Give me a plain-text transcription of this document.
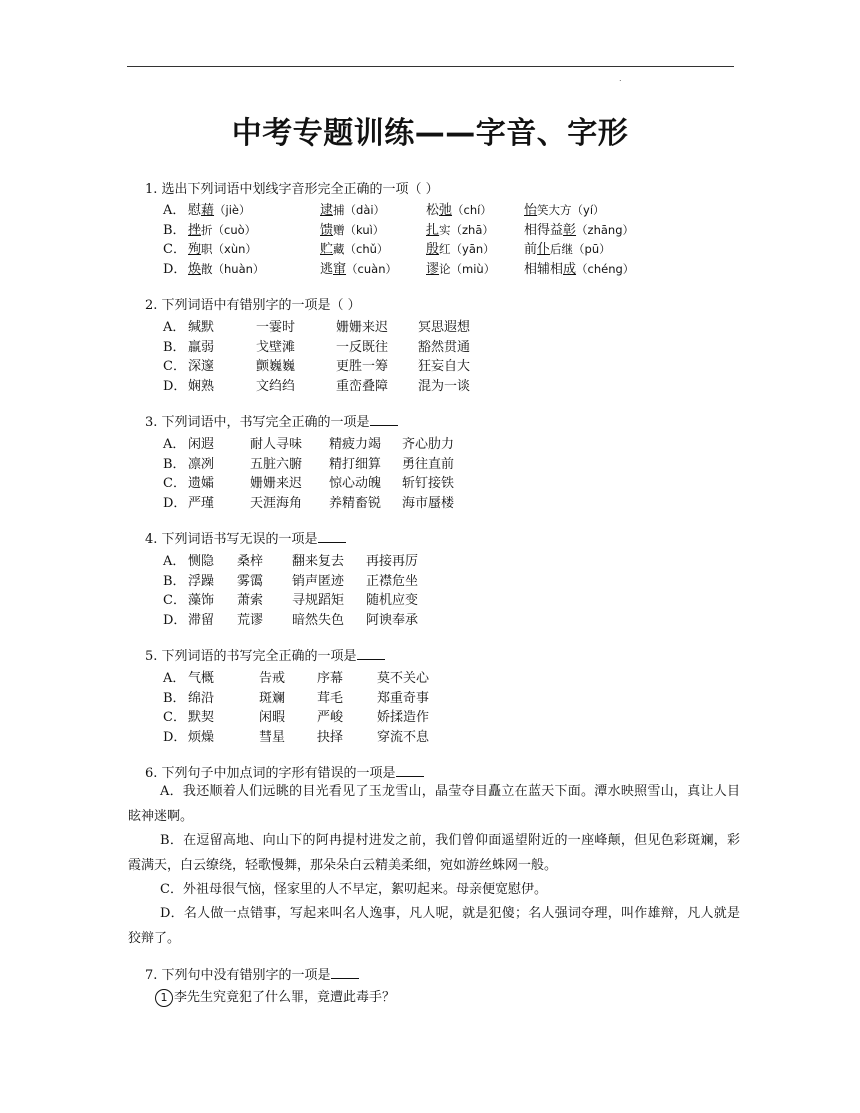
.
中考专题训练——字音、字形
1. 选出下列词语中划线字音形完全正确的一项（ ）
A． 慰藉（jiè）	逮捕（dài）	松弛（chí） 怡笑大方（yí）
B． 挫折（cuò）	馈赠（kuì）	扎实（zhā） 相得益彰（zhāng）
C． 殉职（xùn）	贮藏（chǔ）	殷红（yān） 前仆后继（pū）
D． 焕散（huàn）	逃窜（cuàn） 谬论（miù） 相辅相成（chéng）
2. 下列词语中有错别字的一项是（ ）
A． 缄默	一霎时	姗姗来迟 冥思遐想
B． 羸弱	戈壁滩	一反既往 豁然贯通
C． 深邃	颤巍巍	更胜一筹 狂妄自大
D． 娴熟	文绉绉	重峦叠障 混为一谈
3. 下列词语中，书写完全正确的一项是
A． 闲遐	耐人寻味 精疲力竭 齐心肋力
B． 凛冽	五脏六腑 精打细算 勇往直前
C． 遗孀	姗姗来迟 惊心动魄 斩钉接铁
D． 严瑾	天涯海角 养精畜锐 海市蜃楼
4. 下列词语书写无误的一项是
A． 恻隐 桑梓 翻来复去 再接再厉
B． 浮躁 雾霭 销声匿迹 正襟危坐
C． 藻饰 萧索 寻规蹈矩 随机应变
D． 滞留 荒谬 暗然失色 阿谀奉承
5. 下列词语的书写完全正确的一项是
A． 气概	告戒 序幕	莫不关心
B． 绵沿	斑斓 茸毛	郑重奇事
C． 默契	闲暇 严峻	娇揉造作
D． 烦燥	彗星 抉择	穿流不息
6. 下列句子中加点词的字形有错误的一项是
A．我还顺着人们远眺的目光看见了玉龙雪山，晶莹夺目矗立在蓝天下面。潭水映照雪山，真让人目眩神迷啊。
B．在逗留高地、向山下的阿冉提村进发之前，我们曾仰面遥望附近的一座峰颠，但见色彩斑斓，彩霞满天，白云缭绕，轻歌慢舞，那朵朵白云精美柔细，宛如游丝蛛网一般。
C．外祖母很气恼，怪家里的人不早定，絮叨起来。母亲便宽慰伊。
D．名人做一点错事，写起来叫名人逸事，凡人呢，就是犯傻；名人强词夺理，叫作雄辩，凡人就是狡辩了。
7. 下列句中没有错别字的一项是
1 李先生究竟犯了什么罪，竟遭此毒手？
